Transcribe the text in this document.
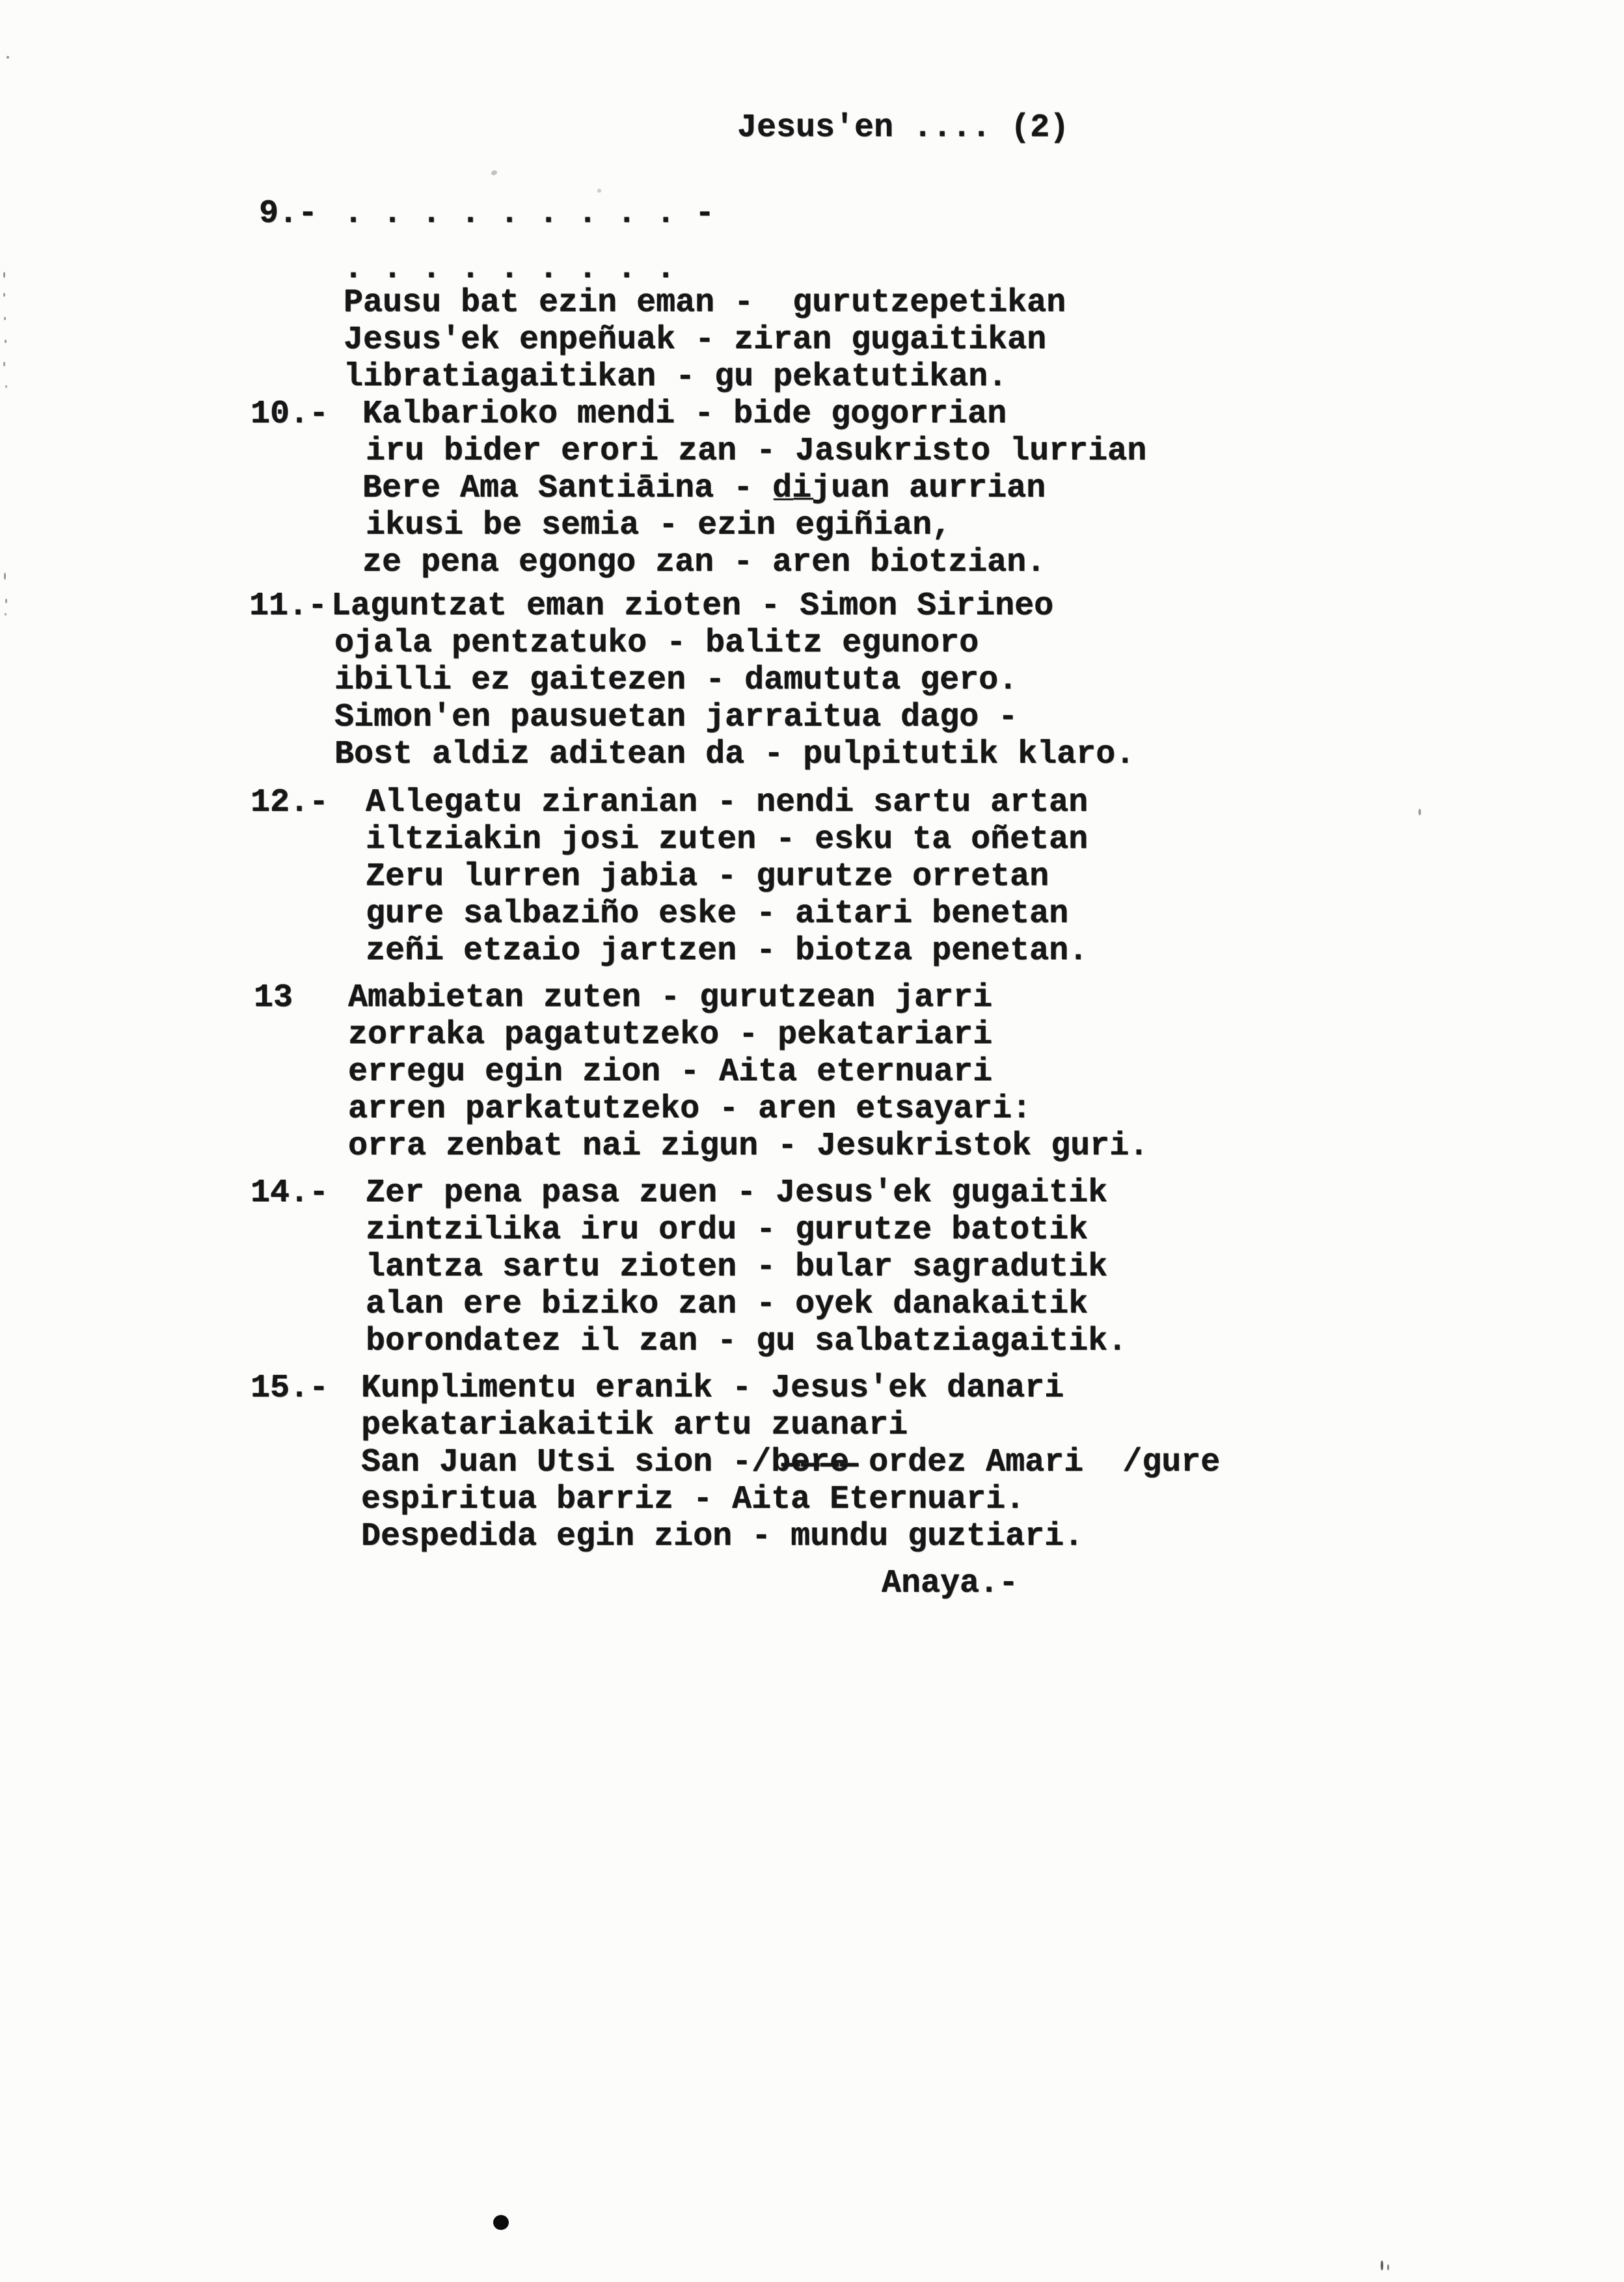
Jesus'en .... (2)
9.- . . . . . . . . . -
. . . . . . . . .
Pausu bat ezin eman -  gurutzepetikan
Jesus'ek enpeñuak - ziran gugaitikan
libratiagaitikan - gu pekatutikan.
10.- Kalbarioko mendi - bide gogorrian
iru bider erori zan - Jasukristo lurrian
Bere Ama Santiāina - d̲i̲juan aurrian
ikusi be semia - ezin egiñian,
ze pena egongo zan - aren biotzian.
11.- Laguntzat eman zioten - Simon Sirineo
ojala pentzatuko - balitz egunoro
ibilli ez gaitezen - damututa gero.
Simon'en pausuetan jarraitua dago -
Bost aldiz aditean da - pulpitutik klaro.
12.- Allegatu ziranian - nendi sartu artan
iltziakin josi zuten - esku ta oñetan
Zeru lurren jabia - gurutze orretan
gure salbaziño eske - aitari benetan
zeñi etzaio jartzen - biotza penetan.
13 Amabietan zuten - gurutzean jarri
zorraka pagatutzeko - pekatariari
erregu egin zion - Aita eternuari
arren parkatutzeko - aren etsayari:
orra zenbat nai zigun - Jesukristok guri.
14.- Zer pena pasa zuen - Jesus'ek gugaitik
zintzilika iru ordu - gurutze batotik
lantza sartu zioten - bular sagradutik
alan ere biziko zan - oyek danakaitik
borondatez il zan - gu salbatziagaitik.
15.- Kunplimentu eranik - Jesus'ek danari
pekatariakaitik artu zuanari
San Juan Utsi sion -/b̶e̶r̶e̶ ordez Amari  /gure
espiritua barriz - Aita Eternuari.
Despedida egin zion - mundu guztiari.
Anaya.-
